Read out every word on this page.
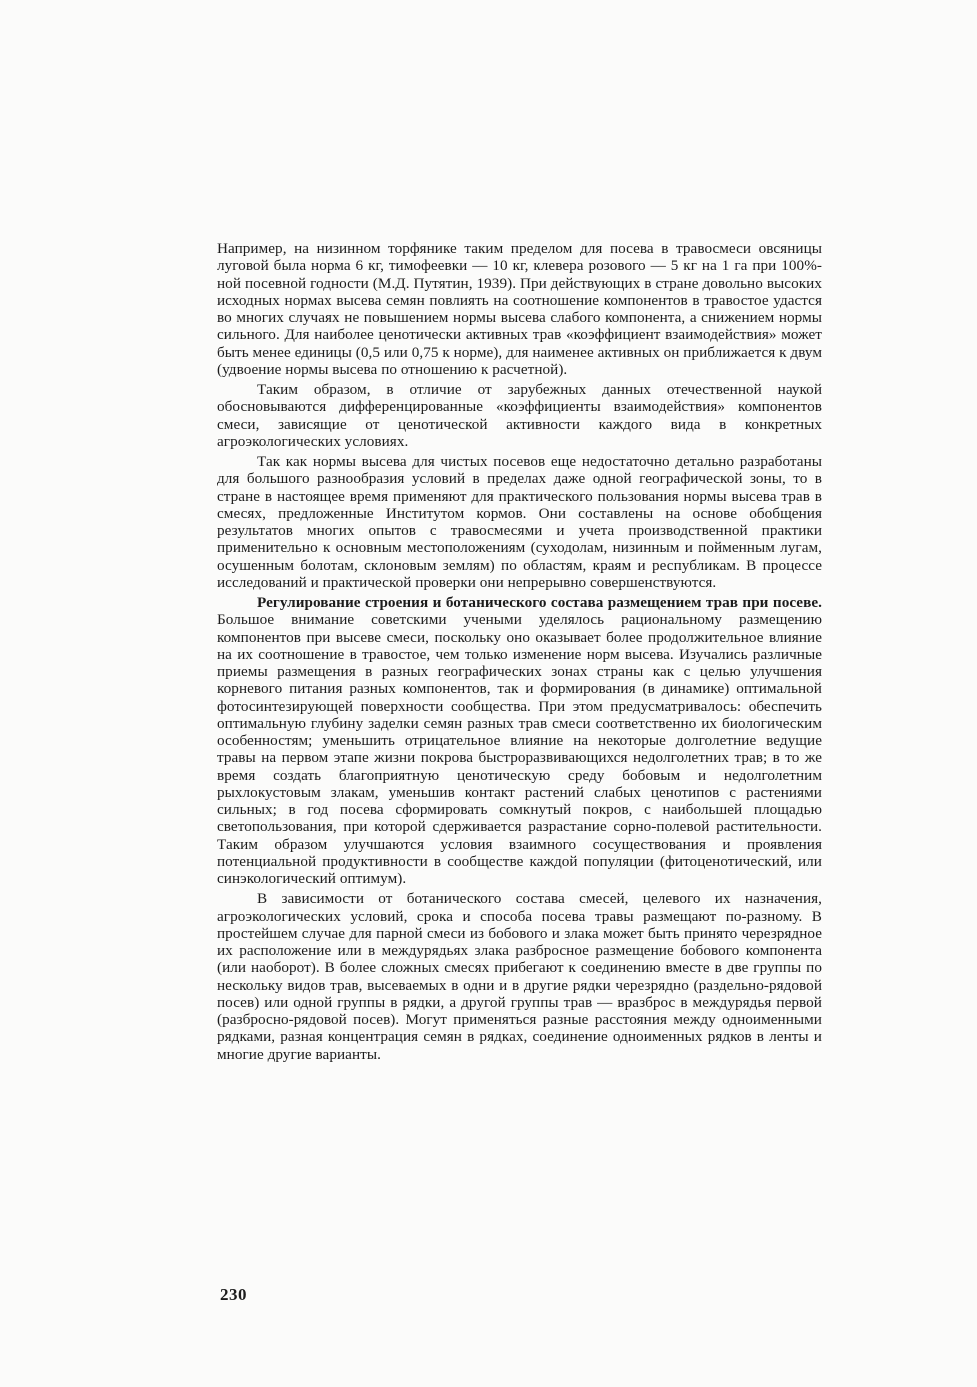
Например, на низинном торфянике таким пределом для посева в травосмеси овсяницы луговой была норма 6 кг, тимофеевки — 10 кг, клевера розового — 5 кг на 1 га при 100%-ной посевной годности (М.Д. Путятин, 1939). При действующих в стране довольно высоких исходных нормах высева семян повлиять на соотношение компонентов в травостое удастся во многих случаях не повышением нормы высева слабого компонента, а снижением нормы сильного. Для наиболее ценотически активных трав «коэффициент взаимодействия» может быть менее единицы (0,5 или 0,75 к норме), для наименее активных он приближается к двум (удвоение нормы высева по отношению к расчетной).

Таким образом, в отличие от зарубежных данных отечественной наукой обосновываются дифференцированные «коэффициенты взаимодействия» компонентов смеси, зависящие от ценотической активности каждого вида в конкретных агроэкологических условиях.

Так как нормы высева для чистых посевов еще недостаточно детально разработаны для большого разнообразия условий в пределах даже одной географической зоны, то в стране в настоящее время применяют для практического пользования нормы высева трав в смесях, предложенные Институтом кормов. Они составлены на основе обобщения результатов многих опытов с травосмесями и учета производственной практики применительно к основным местоположениям (суходолам, низинным и пойменным лугам, осушенным болотам, склоновым землям) по областям, краям и республикам. В процессе исследований и практической проверки они непрерывно совершенствуются.

Регулирование строения и ботанического состава размещением трав при посеве. Большое внимание советскими учеными уделялось рациональному размещению компонентов при высеве смеси, поскольку оно оказывает более продолжительное влияние на их соотношение в травостое, чем только изменение норм высева. Изучались различные приемы размещения в разных географических зонах страны как с целью улучшения корневого питания разных компонентов, так и формирования (в динамике) оптимальной фотосинтезирующей поверхности сообщества. При этом предусматривалось: обеспечить оптимальную глубину заделки семян разных трав смеси соответственно их биологическим особенностям; уменьшить отрицательное влияние на некоторые долголетние ведущие травы на первом этапе жизни покрова быстроразвивающихся недолголетних трав; в то же время создать благоприятную ценотическую среду бобовым и недолголетним рыхлокустовым злакам, уменьшив контакт растений слабых ценотипов с растениями сильных; в год посева сформировать сомкнутый покров, с наибольшей площадью светопользования, при которой сдерживается разрастание сорно-полевой растительности. Таким образом улучшаются условия взаимного сосуществования и проявления потенциальной продуктивности в сообществе каждой популяции (фитоценотический, или синэкологический оптимум).

В зависимости от ботанического состава смесей, целевого их назначения, агроэкологических условий, срока и способа посева травы размещают по-разному. В простейшем случае для парной смеси из бобового и злака может быть принято черезрядное их расположение или в междурядьях злака разбросное размещение бобового компонента (или наоборот). В более сложных смесях прибегают к соединению вместе в две группы по нескольку видов трав, высеваемых в одни и в другие рядки черезрядно (раздельно-рядовой посев) или одной группы в рядки, а другой группы трав — вразброс в междурядья первой (разбросно-рядовой посев). Могут применяться разные расстояния между одноименными рядками, разная концентрация семян в рядках, соединение одноименных рядков в ленты и многие другие варианты.

230
